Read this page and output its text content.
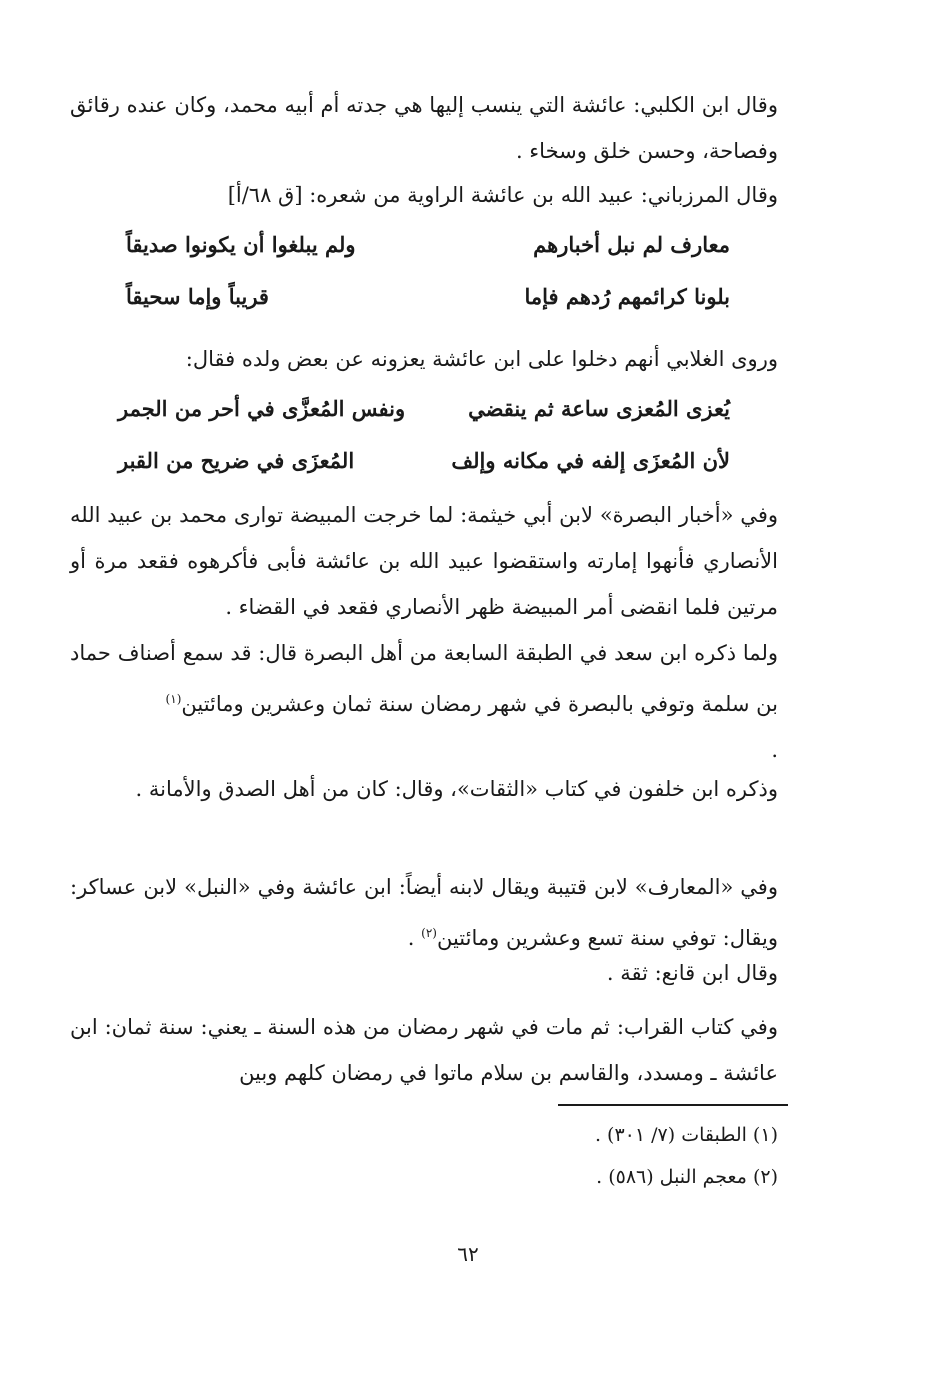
وقال ابن الكلبي: عائشة التي ينسب إليها هي جدته أم أبيه محمد، وكان عنده رقائق وفصاحة، وحسن خلق وسخاء .

وقال المرزباني: عبيد الله بن عائشة الراوية من شعره: [ق ٦٨/أ]

معارف لم نبل أخبارهم
ولم يبلغوا أن يكونوا صديقاً
بلونا كرائمهم رُدهم فإما
قريباً وإما سحيقاً

وروى الغلابي أنهم دخلوا على ابن عائشة يعزونه عن بعض ولده فقال:

يُعزى المُعزى ساعة ثم ينقضي
ونفس المُعزَّى في أحر من الجمر
لأن المُعزَى إلفه في مكانه وإلف
المُعزَى في ضريح من القبر

وفي «أخبار البصرة» لابن أبي خيثمة: لما خرجت المبيضة توارى محمد بن عبيد الله الأنصاري فأنهوا إمارته واستقضوا عبيد الله بن عائشة فأبى فأكرهوه فقعد مرة أو مرتين فلما انقضى أمر المبيضة ظهر الأنصاري فقعد في القضاء .

ولما ذكره ابن سعد في الطبقة السابعة من أهل البصرة قال: قد سمع أصناف حماد بن سلمة وتوفي بالبصرة في شهر رمضان سنة ثمان وعشرين ومائتين$^{(١)}$
.

وذكره ابن خلفون في كتاب «الثقات»، وقال: كان من أهل الصدق والأمانة .

وفي «المعارف» لابن قتيبة ويقال لابنه أيضاً: ابن عائشة وفي «النبل» لابن عساكر: ويقال: توفي سنة تسع وعشرين ومائتين$^{(٢)}$ .

وقال ابن قانع: ثقة .

وفي كتاب القراب: ثم مات في شهر رمضان من هذه السنة ـ يعني: سنة ثمان: ابن عائشة ـ ومسدد، والقاسم بن سلام ماتوا في رمضان كلهم وبين

(١) الطبقات (٧/ ٣٠١) .
(٢) معجم النبل (٥٨٦) .
٦٢
